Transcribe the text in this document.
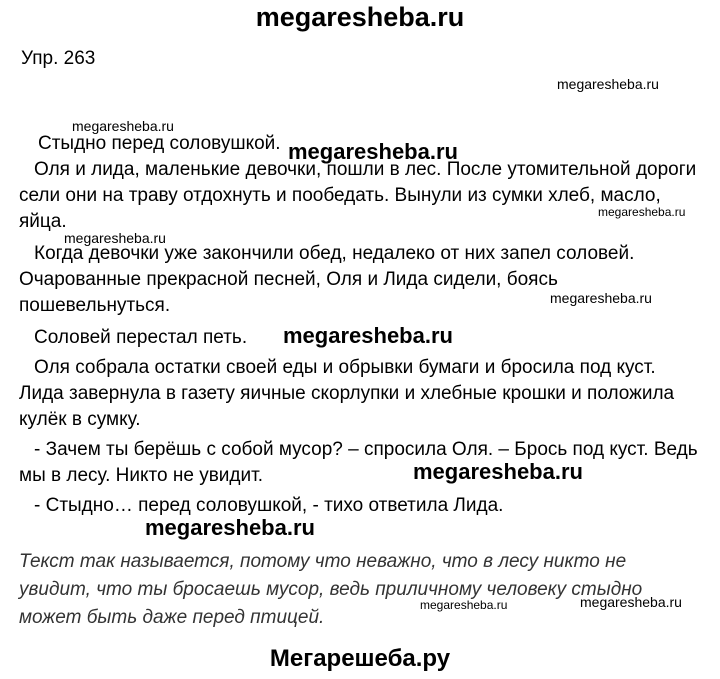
megaresheba.ru
Упр. 263
megaresheba.ru
megaresheba.ru
megaresheba.ru
megaresheba.ru
megaresheba.ru
megaresheba.ru
megaresheba.ru
megaresheba.ru
megaresheba.ru
megaresheba.ru	megaresheba.ru
Стыдно перед соловушкой.
Оля и лида, маленькие девочки, пошли в лес. После утомительной дороги
сели они на траву отдохнуть и пообедать. Вынули из сумки хлеб, масло,
яйца.
Когда девочки уже закончили обед, недалеко от них запел соловей.
Очарованные прекрасной песней, Оля и Лида сидели, боясь
пошевельнуться.
Соловей перестал петь.
Оля собрала остатки своей еды и обрывки бумаги и бросила под куст.
Лида завернула в газету яичные скорлупки и хлебные крошки и положила
кулёк в сумку.
- Зачем ты берёшь с собой мусор? – спросила Оля. – Брось под куст. Ведь
мы в лесу. Никто не увидит.
- Стыдно… перед соловушкой, - тихо ответила Лида.
Текст так называется, потому что неважно, что в лесу никто не
увидит, что ты бросаешь мусор, ведь приличному человеку стыдно
может быть даже перед птицей.
Мегарешеба.ру
